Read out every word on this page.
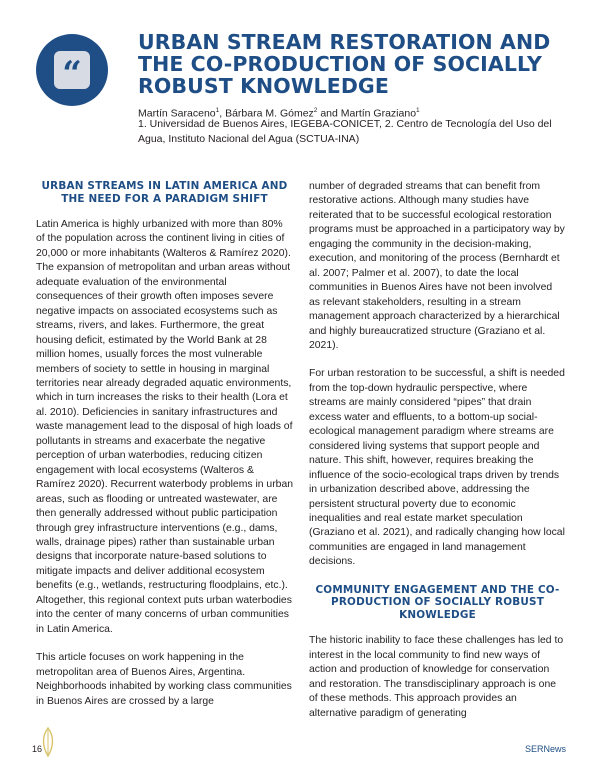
“
URBAN STREAM RESTORATION AND THE CO-PRODUCTION OF SOCIALLY ROBUST KNOWLEDGE
Martín Saraceno$^1$, Bárbara M. Gómez$^2$ and Martín Graziano$^1$
1. Universidad de Buenos Aires, IEGEBA-CONICET, 2. Centro de Tecnología del Uso del Agua, Instituto Nacional del Agua (SCTUA-INA)
URBAN STREAMS IN LATIN AMERICA AND THE NEED FOR A PARADIGM SHIFT

Latin America is highly urbanized with more than 80% of the population across the continent living in cities of 20,000 or more inhabitants (Walteros & Ramírez 2020). The expansion of metropolitan and urban areas without adequate evaluation of the environmental consequences of their growth often imposes severe negative impacts on associated ecosystems such as streams, rivers, and lakes. Furthermore, the great housing deficit, estimated by the World Bank at 28 million homes, usually forces the most vulnerable members of society to settle in housing in marginal territories near already degraded aquatic environments, which in turn increases the risks to their health (Lora et al. 2010). Deficiencies in sanitary infrastructures and waste management lead to the disposal of high loads of pollutants in streams and exacerbate the negative perception of urban waterbodies, reducing citizen engagement with local ecosystems (Walteros & Ramírez 2020). Recurrent waterbody problems in urban areas, such as flooding or untreated wastewater, are then generally addressed without public participation through grey infrastructure interventions (e.g., dams, walls, drainage pipes) rather than sustainable urban designs that incorporate nature-based solutions to mitigate impacts and deliver additional ecosystem benefits (e.g., wetlands, restructuring floodplains, etc.). Altogether, this regional context puts urban waterbodies into the center of many concerns of urban communities in Latin America.

This article focuses on work happening in the metropolitan area of Buenos Aires, Argentina. Neighborhoods inhabited by working class communities in Buenos Aires are crossed by a large

number of degraded streams that can benefit from restorative actions. Although many studies have reiterated that to be successful ecological restoration programs must be approached in a participatory way by engaging the community in the decision-making, execution, and monitoring of the process (Bernhardt et al. 2007; Palmer et al. 2007), to date the local communities in Buenos Aires have not been involved as relevant stakeholders, resulting in a stream management approach characterized by a hierarchical and highly bureaucratized structure (Graziano et al. 2021).

For urban restoration to be successful, a shift is needed from the top-down hydraulic perspective, where streams are mainly considered “pipes” that drain excess water and effluents, to a bottom-up social-ecological management paradigm where streams are considered living systems that support people and nature. This shift, however, requires breaking the influence of the socio-ecological traps driven by trends in urbanization described above, addressing the persistent structural poverty due to economic inequalities and real estate market speculation (Graziano et al. 2021), and radically changing how local communities are engaged in land management decisions.

COMMUNITY ENGAGEMENT AND THE CO-PRODUCTION OF SOCIALLY ROBUST KNOWLEDGE

The historic inability to face these challenges has led to interest in the local community to find new ways of action and production of knowledge for conservation and restoration. The transdisciplinary approach is one of these methods. This approach provides an alternative paradigm of generating

16	SERNews
